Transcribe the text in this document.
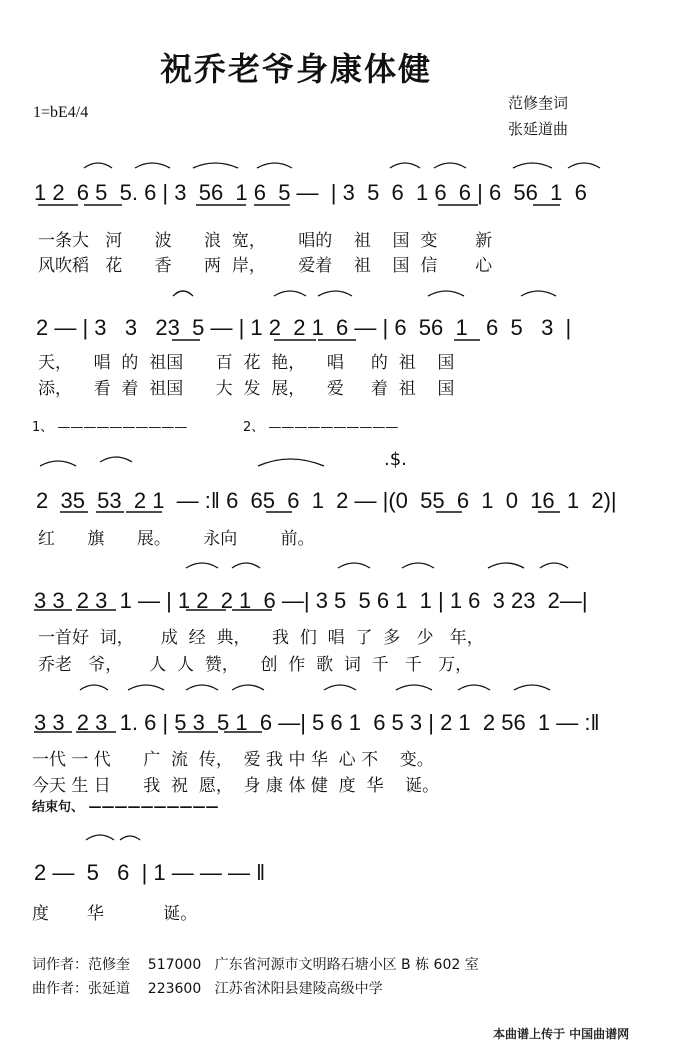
祝乔老爷身康体健
1=bE4/4
范修奎词
张延道曲
1 2  6 5  5. 6 | 3  56  1 6  5 —  | 3  5  6  1 6  6 | 6  56  1  6
一条大   河      波      浪  宽，      唱的    祖    国  变       新
风吹稻   花      香      两  岸，      爱着    祖    国  信       心
2 — | 3   3   23  5 — | 1 2  2 1  6 — | 6  56  1   6  5   3  |
天，    唱  的  祖国      百  花  艳，    唱     的  祖    国
添，    看  着  祖国      大  发  展，    爱     着  祖    国
1、 ——————————	2、 ——————————
.$.
2  35  53  2 1  — :‖ 6  65  6  1  2 — |(0  55  6  1  0  16  1  2)|
红      旗      展。      永向        前。
3 3  2 3  1 — | 1 2  2 1  6 —| 3 5  5 6 1  1 | 1 6  3 23  2—|
一首好  词，     成  经  典，    我  们  唱  了  多   少   年，
乔老   爷，     人  人  赞，    创  作  歌  词  千   千   万，
3 3  2 3  1. 6 | 5 3  5 1  6 —| 5 6 1  6 5 3 | 2 1  2 56  1 — :‖
一代 一 代      广  流  传，  爱 我 中 华  心 不    变。
今天 生 日      我  祝  愿，  身 康 体 健  度  华    诞。
结束句、 ——————————
2 —  5   6  | 1 — — — ‖
度       华           诞。
词作者：范修奎    517000   广东省河源市文明路石塘小区 B 栋 602 室
曲作者：张延道    223600   江苏省沭阳县建陵高级中学
本曲谱上传于 中国曲谱网
